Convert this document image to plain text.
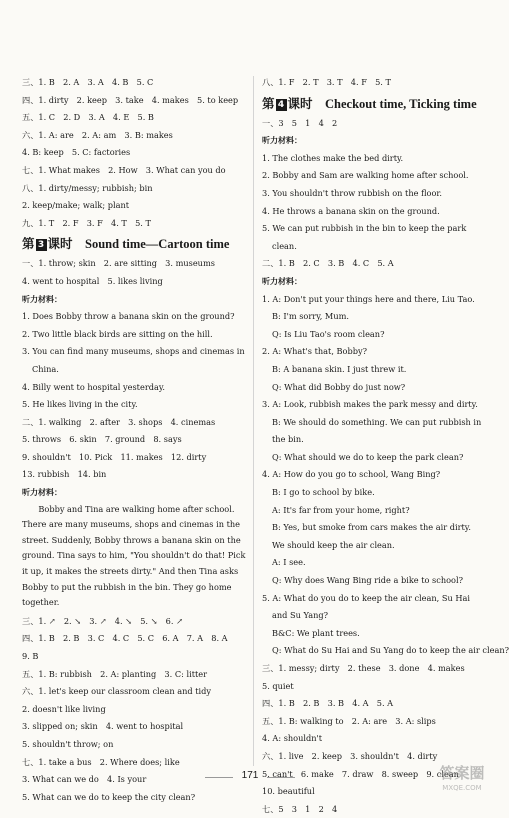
三、1. B　2. A　3. A　4. B　5. C
四、1. dirty　2. keep　3. take　4. makes　5. to keep
五、1. C　2. D　3. A　4. E　5. B
六、1. A: are　2. A: am　3. B: makes
4. B: keep　5. C: factories
七、1. What makes　2. How　3. What can you do
八、1. dirty/messy; rubbish; bin
2. keep/make; walk; plant
九、1. T　2. F　3. F　4. T　5. T
第 3 课时　Sound time—Cartoon time
一、1. throw; skin　2. are sitting　3. museums
4. went to hospital　5. likes living
听力材料：
1. Does Bobby throw a banana skin on the ground?
2. Two little black birds are sitting on the hill.
3. You can find many museums, shops and cinemas in
China.
4. Billy went to hospital yesterday.
5. He likes living in the city.
二、1. walking　2. after　3. shops　4. cinemas
5. throws　6. skin　7. ground　8. says
9. shouldn't　10. Pick　11. makes　12. dirty
13. rubbish　14. bin
听力材料：
Bobby and Tina are walking home after school. There are many museums, shops and cinemas in the street. Suddenly, Bobby throws a banana skin on the ground. Tina says to him, "You shouldn't do that! Pick it up, it makes the streets dirty." And then Tina asks Bobby to put the rubbish in the bin. They go home together.
三、1. ↗　2. ↘　3. ↗　4. ↘　5. ↘　6. ↗
四、1. B　2. B　3. C　4. C　5. C　6. A　7. A　8. A
9. B
五、1. B: rubbish　2. A: planting　3. C: litter
六、1. let's keep our classroom clean and tidy
2. doesn't like living
3. slipped on; skin　4. went to hospital
5. shouldn't throw; on
七、1. take a bus　2. Where does; like
3. What can we do　4. Is your
5. What can we do to keep the city clean?
八、1. F　2. T　3. T　4. F　5. T
第 4 课时　Checkout time, Ticking time
一、3　5　1　4　2
听力材料：
1. The clothes make the bed dirty.
2. Bobby and Sam are walking home after school.
3. You shouldn't throw rubbish on the floor.
4. He throws a banana skin on the ground.
5. We can put rubbish in the bin to keep the park
clean.
二、1. B　2. C　3. B　4. C　5. A
听力材料：
1. A: Don't put your things here and there, Liu Tao.
B: I'm sorry, Mum.
Q: Is Liu Tao's room clean?
2. A: What's that, Bobby?
B: A banana skin. I just threw it.
Q: What did Bobby do just now?
3. A: Look, rubbish makes the park messy and dirty.
B: We should do something. We can put rubbish in
the bin.
Q: What should we do to keep the park clean?
4. A: How do you go to school, Wang Bing?
B: I go to school by bike.
A: It's far from your home, right?
B: Yes, but smoke from cars makes the air dirty.
We should keep the air clean.
A: I see.
Q: Why does Wang Bing ride a bike to school?
5. A: What do you do to keep the air clean, Su Hai
and Su Yang?
B&C: We plant trees.
Q: What do Su Hai and Su Yang do to keep the air clean?
三、1. messy; dirty　2. these　3. done　4. makes
5. quiet
四、1. B　2. B　3. B　4. A　5. A
五、1. B: walking to　2. A: are　3. A: slips
4. A: shouldn't
六、1. live　2. keep　3. shouldn't　4. dirty
5. can't　6. make　7. draw　8. sweep　9. clean
10. beautiful
七、5　3　1　2　4
171	答案圈
MXQE.COM
